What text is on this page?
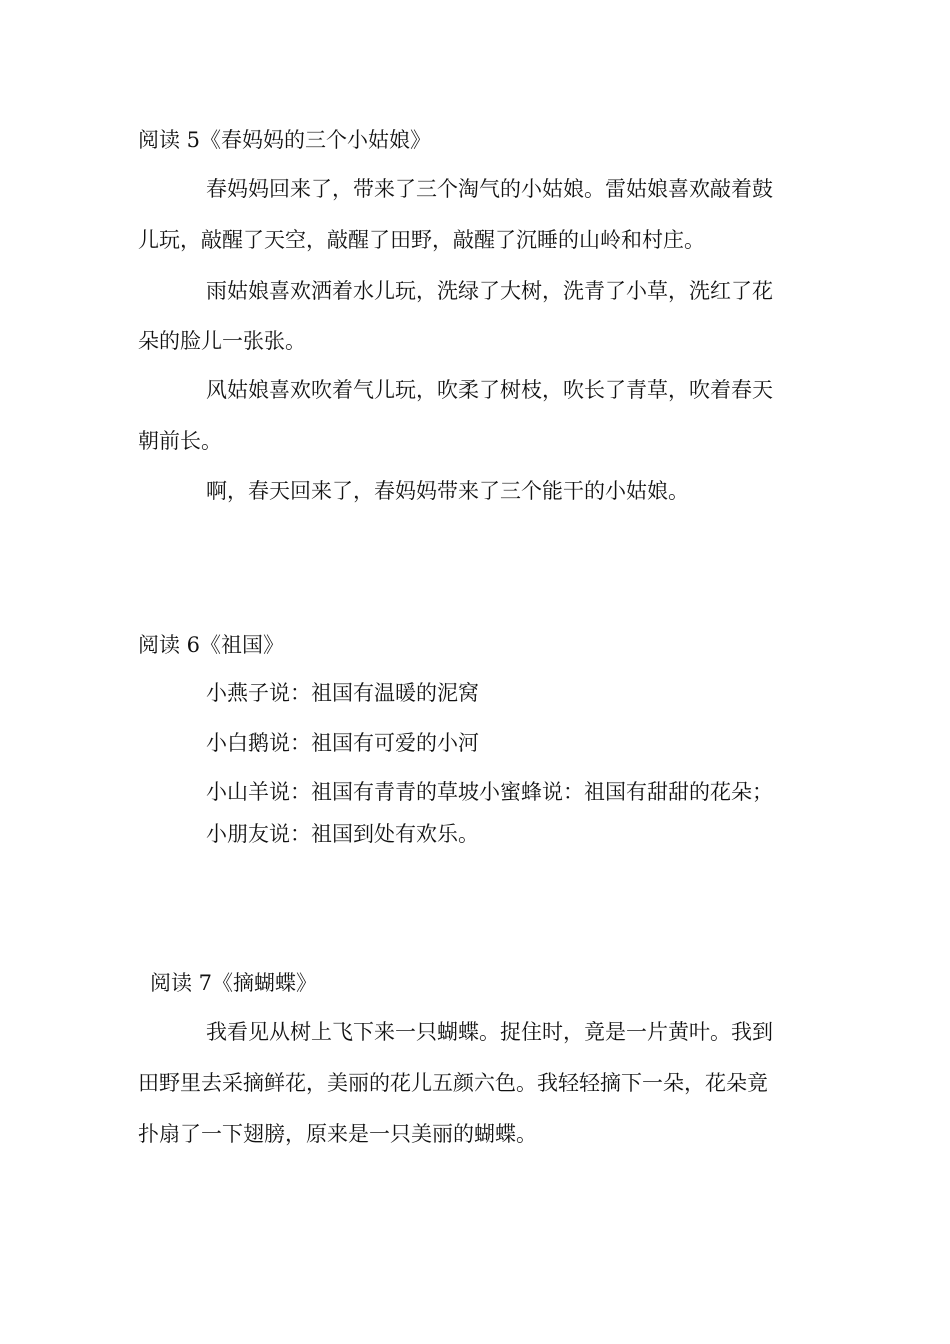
阅读 5《春妈妈的三个小姑娘》
春妈妈回来了，带来了三个淘气的小姑娘。雷姑娘喜欢敲着鼓
儿玩，敲醒了天空，敲醒了田野，敲醒了沉睡的山岭和村庄。
雨姑娘喜欢洒着水儿玩，洗绿了大树，洗青了小草，洗红了花
朵的脸儿一张张。
风姑娘喜欢吹着气儿玩，吹柔了树枝，吹长了青草，吹着春天
朝前长。
啊，春天回来了，春妈妈带来了三个能干的小姑娘。
阅读 6《祖国》
小燕子说：祖国有温暖的泥窝
小白鹅说：祖国有可爱的小河
小山羊说：祖国有青青的草坡小蜜蜂说：祖国有甜甜的花朵；
小朋友说：祖国到处有欢乐。
阅读 7《摘蝴蝶》
我看见从树上飞下来一只蝴蝶。捉住时，竟是一片黄叶。我到
田野里去采摘鲜花，美丽的花儿五颜六色。我轻轻摘下一朵，花朵竟
扑扇了一下翅膀，原来是一只美丽的蝴蝶。
